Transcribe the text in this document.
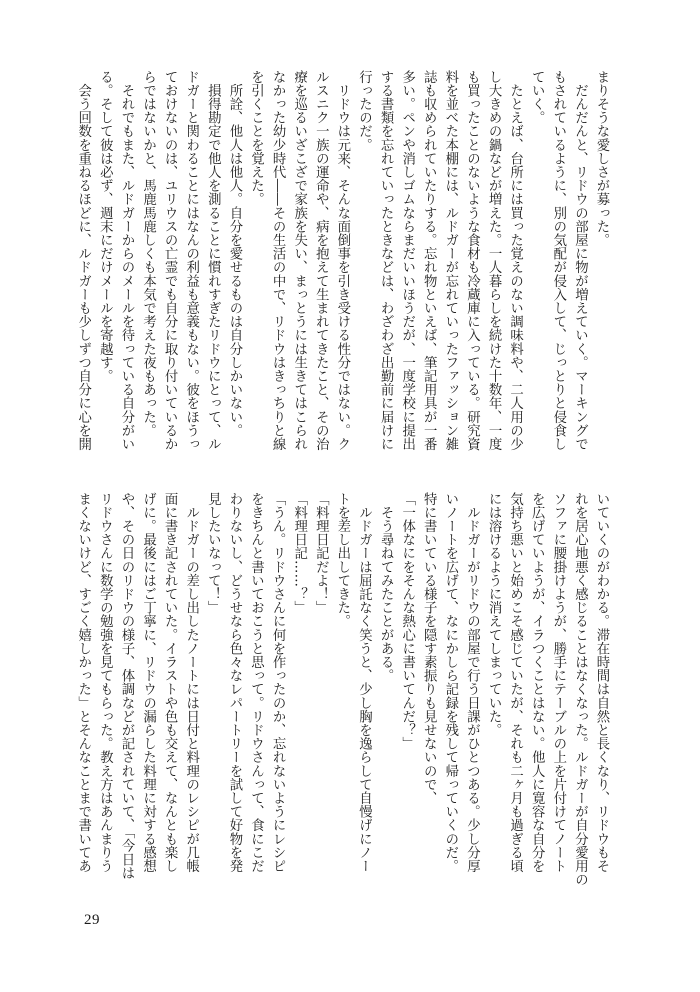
まりそうな愛しさが募った。
　だんだんと、リドウの部屋に物が増えていく。マーキングで
もされているように、別の気配が侵入して、じっとりと侵食し
ていく。
　たとえば、台所には買った覚えのない調味料や、二人用の少
し大きめの鍋などが増えた。一人暮らしを続けた十数年、一度
も買ったことのないような食材も冷蔵庫に入っている。研究資
料を並べた本棚には、ルドガーが忘れていったファッション雑
誌も収められていたりする。忘れ物といえば、筆記用具が一番
多い。ペンや消しゴムならまだいいほうだが、一度学校に提出
する書類を忘れていったときなどは、わざわざ出勤前に届けに
行ったのだ。
　リドウは元来、そんな面倒事を引き受ける性分ではない。ク
ルスニク一族の運命や、病を抱えて生まれてきたこと、その治
療を巡るいざこざで家族を失い、まっとうには生きてはこられ
なかった幼少時代――その生活の中で、リドウはきっちりと線
を引くことを覚えた。
　所詮、他人は他人。自分を愛せるものは自分しかいない。
　損得勘定で他人を測ることに慣れすぎたリドウにとって、ル
ドガーと関わることにはなんの利益も意義もない。彼をほうっ
ておけないのは、ユリウスの亡霊でも自分に取り付いているか
らではないかと、馬鹿馬鹿しくも本気で考えた夜もあった。
　それでもまた、ルドガーからのメールを待っている自分がい
る。そして彼は必ず、週末にだけメールを寄越す。
　会う回数を重ねるほどに、ルドガーも少しずつ自分に心を開
いていくのがわかる。滞在時間は自然と長くなり、リドウもそ
れを居心地悪く感じることはなくなった。ルドガーが自分愛用の
ソファに腰掛けようが、勝手にテーブルの上を片付けてノート
を広げていようが、イラつくことはない。他人に寛容な自分を
気持ち悪いと始めこそ感じていたが、それも二ヶ月も過ぎる頃
には溶けるように消えてしまっていた。
　ルドガーがリドウの部屋で行う日課がひとつある。少し分厚
いノートを広げて、なにかしら記録を残して帰っていくのだ。
特に書いている様子を隠す素振りも見せないので、
「一体なにをそんな熱心に書いてんだ？」
　そう尋ねてみたことがある。
　ルドガーは屈託なく笑うと、少し胸を逸らして自慢げにノー
トを差し出してきた。
「料理日記だよ！」
「料理日記……？」
「うん。リドウさんに何を作ったのか、忘れないようにレシピ
をきちんと書いておこうと思って。リドウさんって、食にこだ
わりないし、どうせなら色々なレパートリーを試して好物を発
見したいなって！」
　ルドガーの差し出したノートには日付と料理のレシピが几帳
面に書き記されていた。イラストや色も交えて、なんとも楽し
げに。最後にはご丁寧に、リドウの漏らした料理に対する感想
や、その日のリドウの様子、体調などが記されていて、「今日は
リドウさんに数学の勉強を見てもらった。教え方はあんまりう
まくないけど、すごく嬉しかった」とそんなことまで書いてあ
29
